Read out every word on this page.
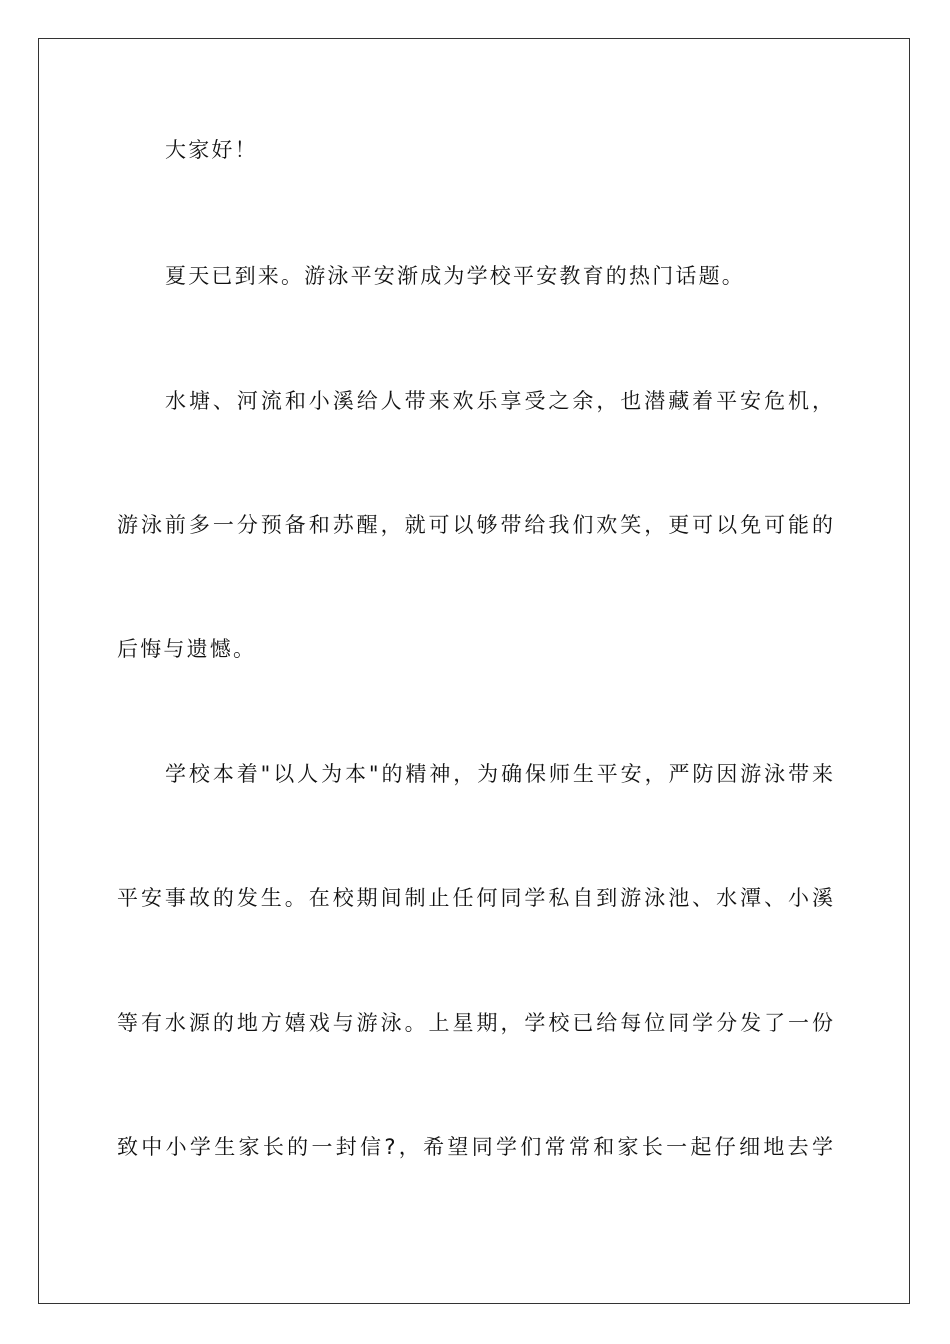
大家好！
夏天已到来。游泳平安渐成为学校平安教育的热门话题。
水塘、河流和小溪给人带来欢乐享受之余，也潜藏着平安危机，
游泳前多一分预备和苏醒，就可以够带给我们欢笑，更可以免可能的
后悔与遗憾。
学校本着"以人为本"的精神，为确保师生平安，严防因游泳带来
平安事故的发生。在校期间制止任何同学私自到游泳池、水潭、小溪
等有水源的地方嬉戏与游泳。上星期，学校已给每位同学分发了一份
致中小学生家长的一封信?，希望同学们常常和家长一起仔细地去学
